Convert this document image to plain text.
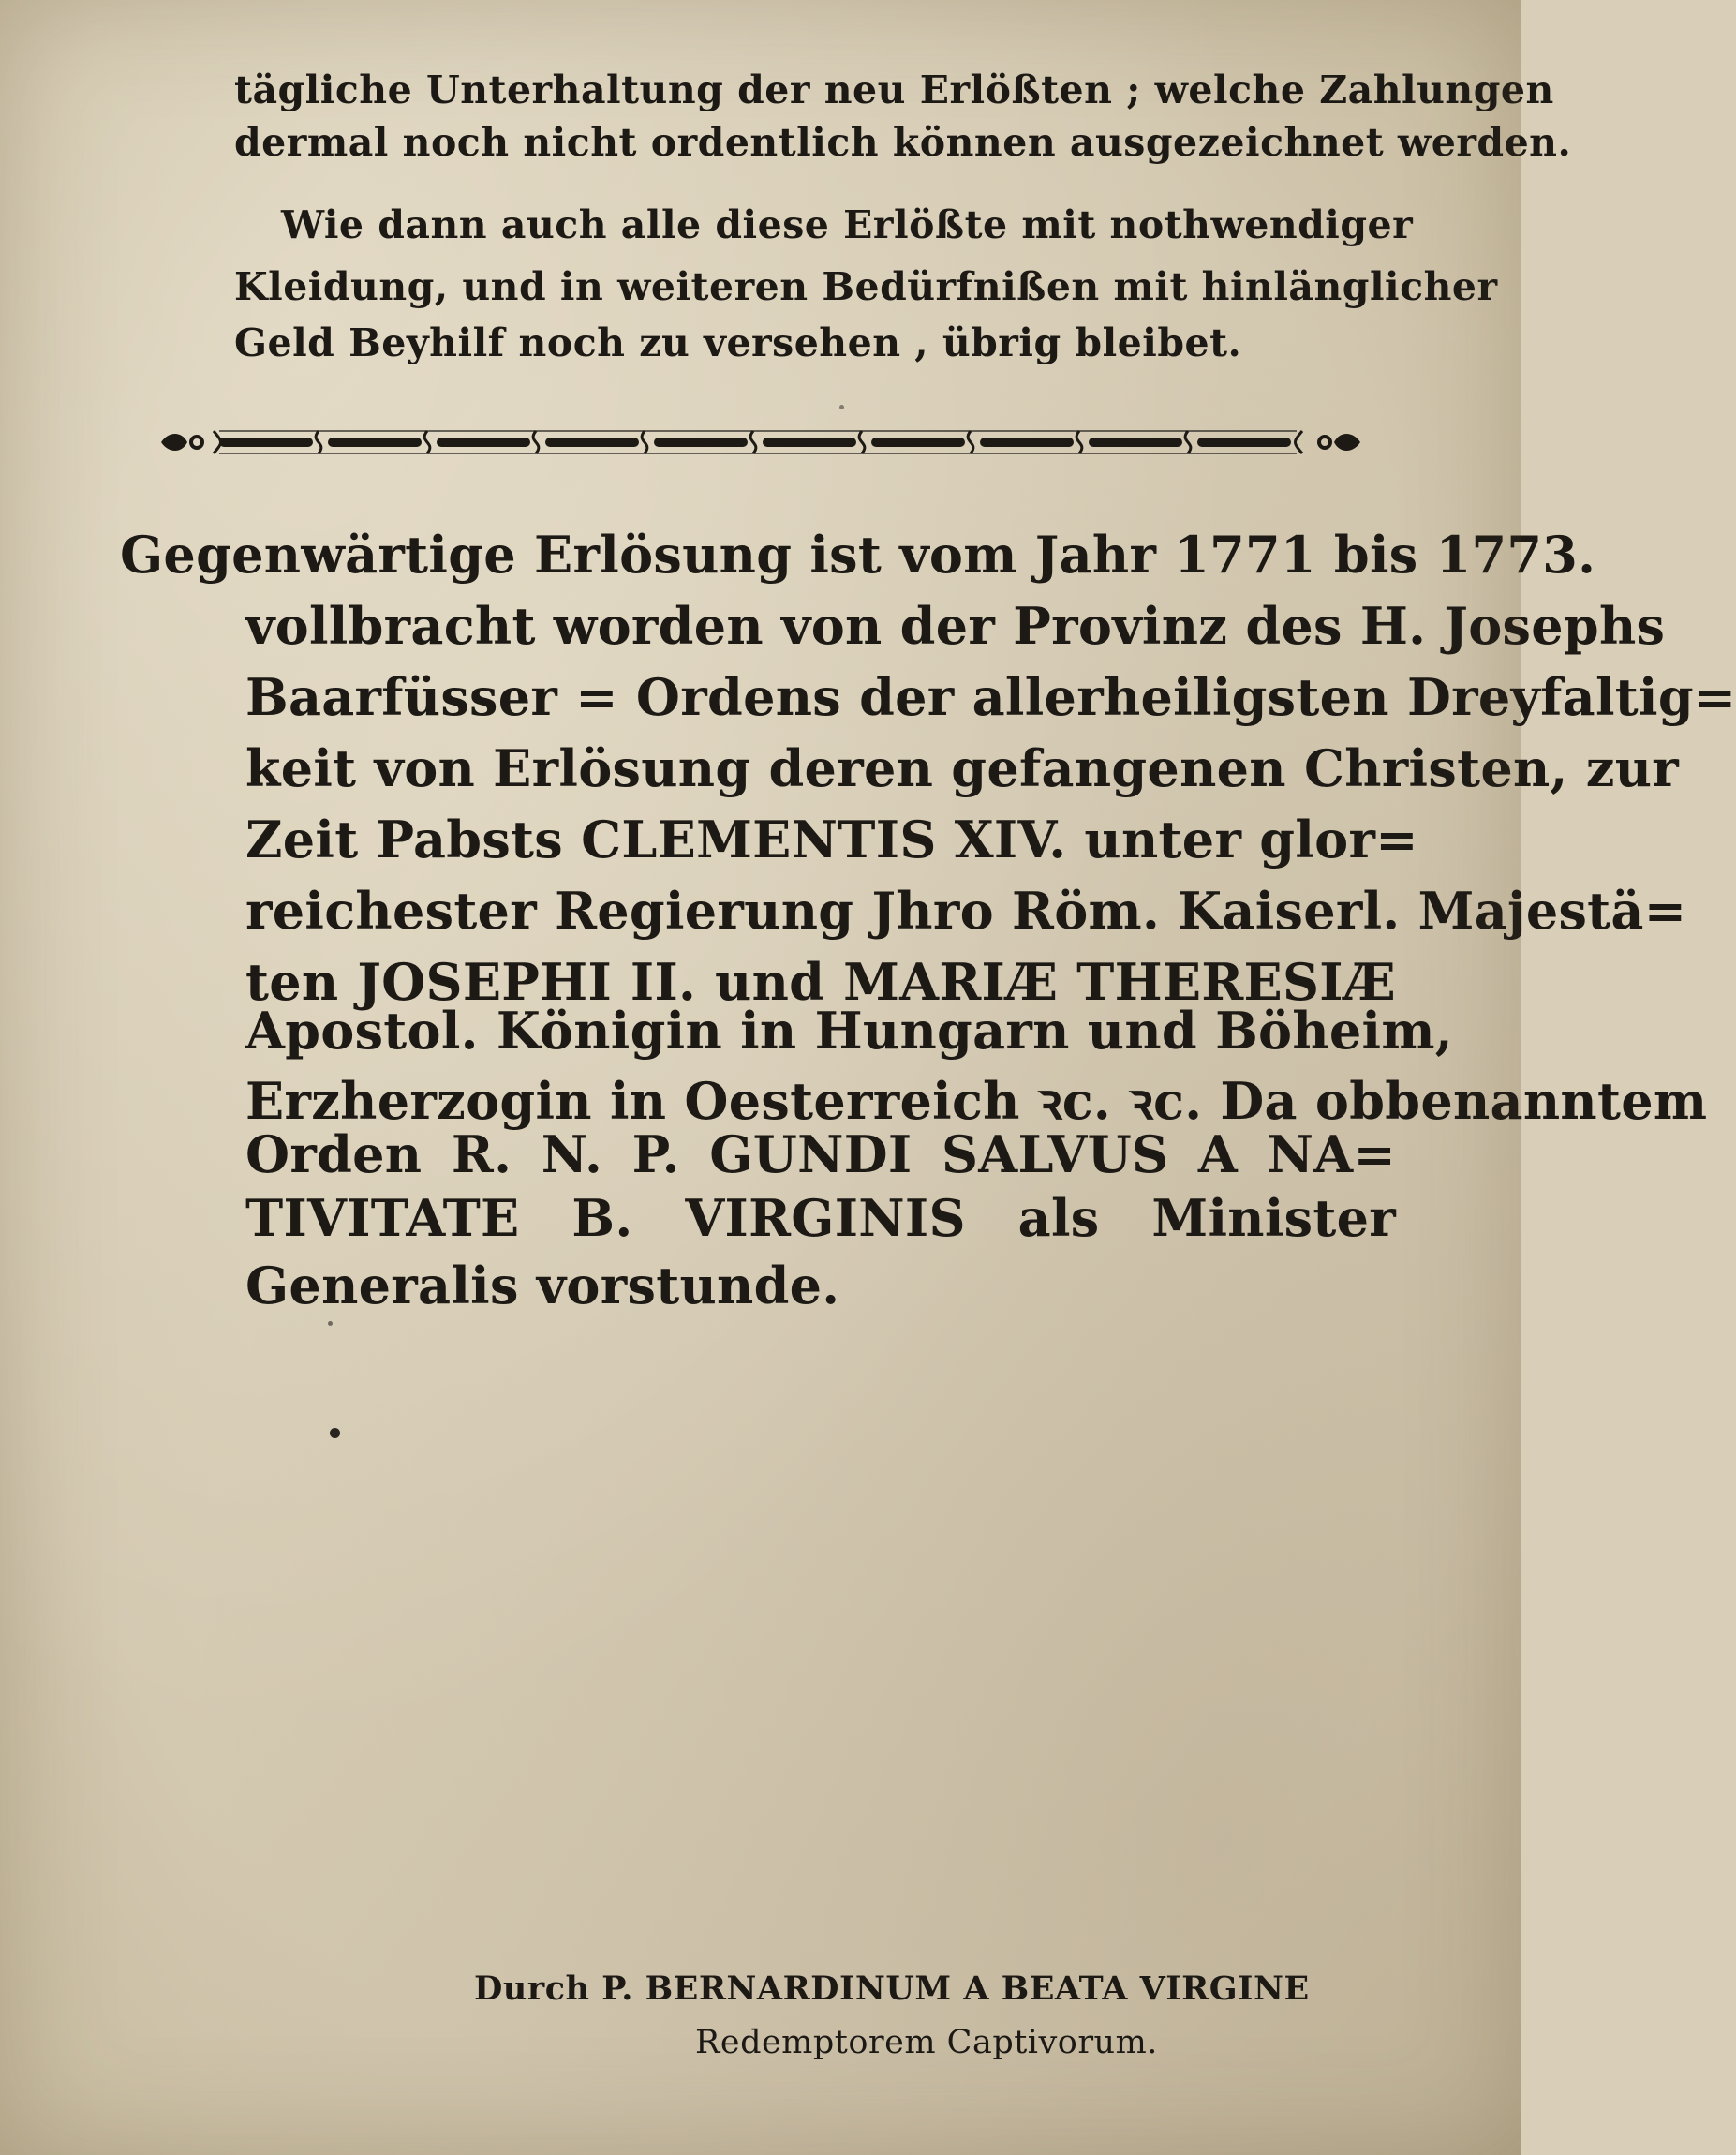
tägliche Unterhaltung der neu Erlößten ; welche Zahlungen

dermal noch nicht ordentlich können ausgezeichnet werden.

Wie dann auch alle diese Erlößte mit nothwendiger

Kleidung, und in weiteren Bedürfnißen mit hinlänglicher

Geld Beyhilf noch zu versehen , übrig bleibet.

Gegenwärtige Erlösung ist vom Jahr 1771 bis 1773.

vollbracht worden von der Provinz des H. Josephs

Baarfüsser = Ordens der allerheiligsten Dreyfaltig=

keit von Erlösung deren gefangenen Christen, zur

Zeit Pabsts CLEMENTIS XIV. unter glor=

reichester Regierung Jhro Röm. Kaiserl. Majestä=

ten JOSEPHI II. und MARIÆ THERESIÆ

Apostol. Königin in Hungarn und Böheim,

Erzherzogin in Oesterreich ꝛc. ꝛc. Da obbenanntem

Orden R. N. P. GUNDI SALVUS A NA=

TIVITATE B. VIRGINIS als Minister

Generalis vorstunde.

Durch P. BERNARDINUM A BEATA VIRGINE

Redemptorem Captivorum.
